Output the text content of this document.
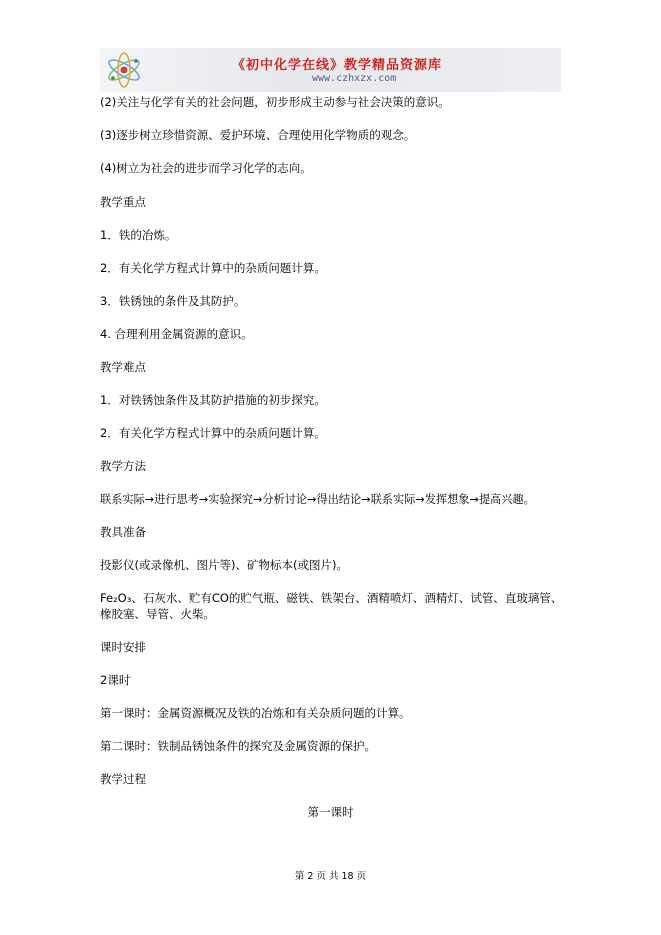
《初中化学在线》教学精品资源库
www.czhxzx.com
(2)关注与化学有关的社会问题，初步形成主动参与社会决策的意识。
(3)逐步树立珍惜资源、爱护环境、合理使用化学物质的观念。
(4)树立为社会的进步而学习化学的志向。
教学重点
1．铁的冶炼。
2．有关化学方程式计算中的杂质问题计算。
3．铁锈蚀的条件及其防护。
4. 合理利用金属资源的意识。
教学难点
1．对铁锈蚀条件及其防护措施的初步探究。
2．有关化学方程式计算中的杂质问题计算。
教学方法
联系实际→进行思考→实验探究→分析讨论→得出结论→联系实际→发挥想象→提高兴趣。
教具准备
投影仪(或录像机、图片等)、矿物标本(或图片)。
Fe₂O₃、石灰水、贮有CO的贮气瓶、磁铁、铁架台、酒精喷灯、酒精灯、试管、直玻璃管、
橡胶塞、导管、火柴。
课时安排
2课时
第一课时：金属资源概况及铁的冶炼和有关杂质问题的计算。
第二课时：铁制品锈蚀条件的探究及金属资源的保护。
教学过程
第一课时
第 2 页 共 18 页
